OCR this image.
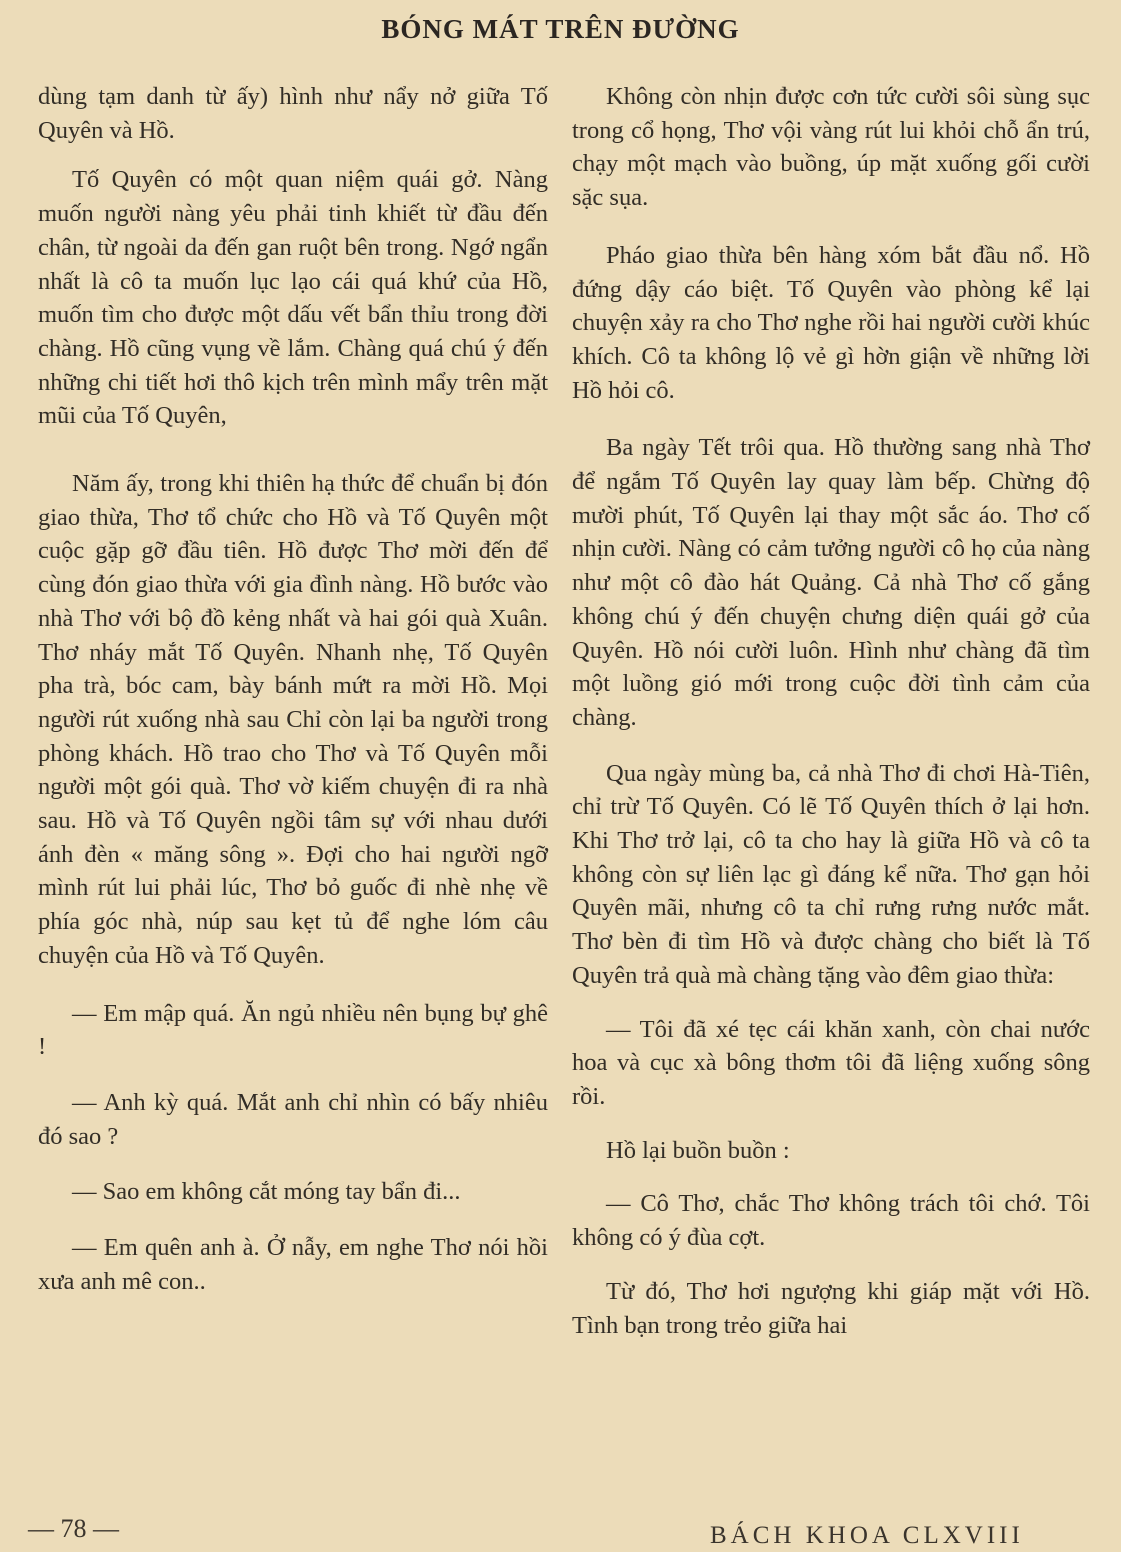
BÓNG MÁT TRÊN ĐƯỜNG

dùng tạm danh từ ấy) hình như nẩy nở giữa Tố Quyên và Hồ.

Tố Quyên có một quan niệm quái gở. Nàng muốn người nàng yêu phải tinh khiết từ đầu đến chân, từ ngoài da đến gan ruột bên trong. Ngớ ngẩn nhất là cô ta muốn lục lạo cái quá khứ của Hồ, muốn tìm cho được một dấu vết bẩn thỉu trong đời chàng. Hồ cũng vụng về lắm. Chàng quá chú ý đến những chi tiết hơi thô kịch trên mình mẩy trên mặt mũi của Tố Quyên,

Năm ấy, trong khi thiên hạ thức để chuẩn bị đón giao thừa, Thơ tổ chức cho Hồ và Tố Quyên một cuộc gặp gỡ đầu tiên. Hồ được Thơ mời đến để cùng đón giao thừa với gia đình nàng. Hồ bước vào nhà Thơ với bộ đồ kẻng nhất và hai gói quà Xuân. Thơ nháy mắt Tố Quyên. Nhanh nhẹ, Tố Quyên pha trà, bóc cam, bày bánh mứt ra mời Hồ. Mọi người rút xuống nhà sau Chỉ còn lại ba người trong phòng khách. Hồ trao cho Thơ và Tố Quyên mỗi người một gói quà. Thơ vờ kiếm chuyện đi ra nhà sau. Hồ và Tố Quyên ngồi tâm sự với nhau dưới ánh đèn « măng sông ». Đợi cho hai người ngỡ mình rút lui phải lúc, Thơ bỏ guốc đi nhè nhẹ về phía góc nhà, núp sau kẹt tủ để nghe lóm câu chuyện của Hồ và Tố Quyên.

— Em mập quá. Ăn ngủ nhiều nên bụng bự ghê !

— Anh kỳ quá. Mắt anh chỉ nhìn có bấy nhiêu đó sao ?

— Sao em không cắt móng tay bẩn đi...

— Em quên anh à. Ở nẫy, em nghe Thơ nói hồi xưa anh mê con..

Không còn nhịn được cơn tức cười sôi sùng sục trong cổ họng, Thơ vội vàng rút lui khỏi chỗ ẩn trú, chạy một mạch vào buồng, úp mặt xuống gối cười sặc sụa.

Pháo giao thừa bên hàng xóm bắt đầu nổ. Hồ đứng dậy cáo biệt. Tố Quyên vào phòng kể lại chuyện xảy ra cho Thơ nghe rồi hai người cười khúc khích. Cô ta không lộ vẻ gì hờn giận về những lời Hồ hỏi cô.

Ba ngày Tết trôi qua. Hồ thường sang nhà Thơ để ngắm Tố Quyên lay quay làm bếp. Chừng độ mười phút, Tố Quyên lại thay một sắc áo. Thơ cố nhịn cười. Nàng có cảm tưởng người cô họ của nàng như một cô đào hát Quảng. Cả nhà Thơ cố gắng không chú ý đến chuyện chưng diện quái gở của Quyên. Hồ nói cười luôn. Hình như chàng đã tìm một luồng gió mới trong cuộc đời tình cảm của chàng.

Qua ngày mùng ba, cả nhà Thơ đi chơi Hà-Tiên, chỉ trừ Tố Quyên. Có lẽ Tố Quyên thích ở lại hơn. Khi Thơ trở lại, cô ta cho hay là giữa Hồ và cô ta không còn sự liên lạc gì đáng kể nữa. Thơ gạn hỏi Quyên mãi, nhưng cô ta chỉ rưng rưng nước mắt. Thơ bèn đi tìm Hồ và được chàng cho biết là Tố Quyên trả quà mà chàng tặng vào đêm giao thừa:

— Tôi đã xé tẹc cái khăn xanh, còn chai nước hoa và cục xà bông thơm tôi đã liệng xuống sông rồi.

Hồ lại buồn buồn :

— Cô Thơ, chắc Thơ không trách tôi chớ. Tôi không có ý đùa cợt.

Từ đó, Thơ hơi ngượng khi giáp mặt với Hồ. Tình bạn trong trẻo giữa hai

— 78 —	BÁCH KHOA CLXVIII
